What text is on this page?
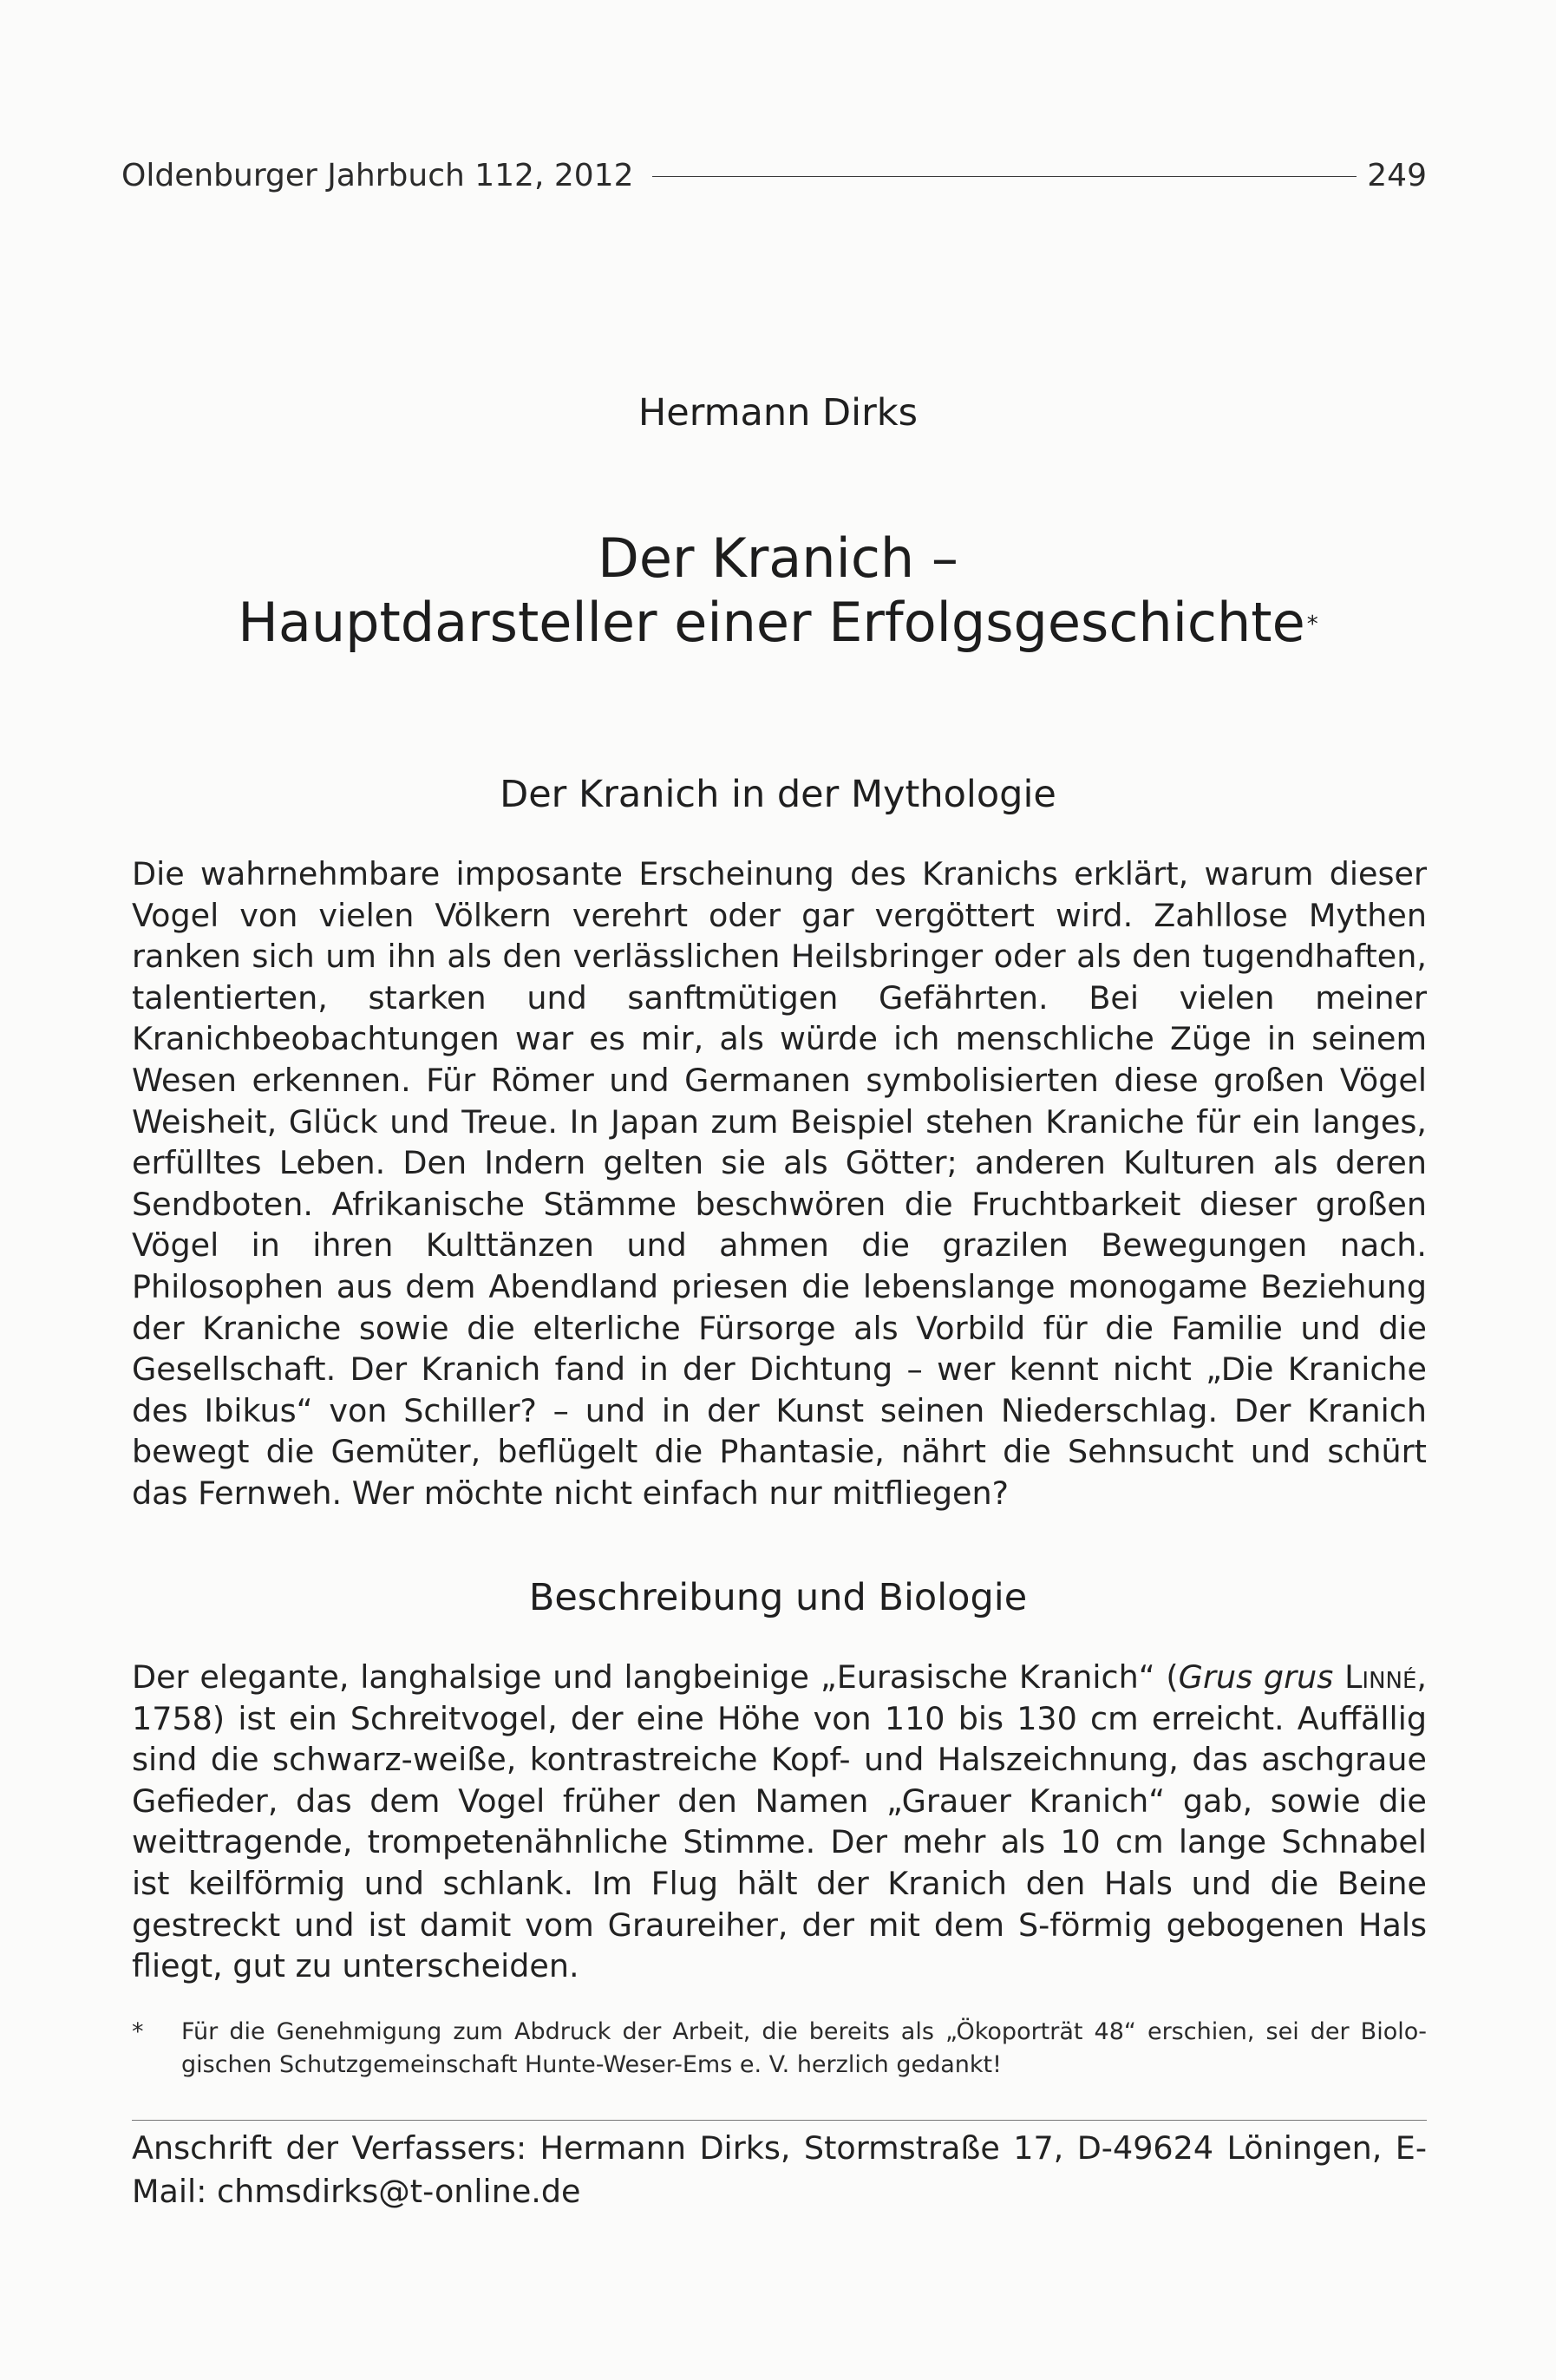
Oldenburger Jahrbuch 112, 2012	249
Hermann Dirks
Der Kranich –
Hauptdarsteller einer Erfolgsgeschichte*
Der Kranich in der Mythologie
Die wahrnehmbare imposante Erscheinung des Kranichs erklärt, warum dieser Vogel von vielen Völkern verehrt oder gar vergöttert wird. Zahllose Mythen ranken sich um ihn als den verlässlichen Heilsbringer oder als den tugendhaften, talentierten, starken und sanftmütigen Gefährten. Bei vielen meiner Kranichbeobachtungen war es mir, als würde ich menschliche Züge in seinem Wesen erkennen. Für Römer und Germanen symbolisierten diese großen Vögel Weisheit, Glück und Treue. In Japan zum Beispiel stehen Kraniche für ein langes, erfülltes Leben. Den Indern gelten sie als Götter; anderen Kulturen als deren Sendboten. Afrikanische Stämme beschwören die Fruchtbarkeit dieser großen Vögel in ihren Kulttänzen und ahmen die grazilen Bewegungen nach. Philosophen aus dem Abendland priesen die lebenslange monogame Beziehung der Kraniche sowie die elterliche Fürsorge als Vorbild für die Familie und die Gesellschaft. Der Kranich fand in der Dichtung – wer kennt nicht „Die Kraniche des Ibikus“ von Schiller? – und in der Kunst seinen Niederschlag. Der Kranich bewegt die Gemüter, beflügelt die Phantasie, nährt die Sehnsucht und schürt das Fernweh. Wer möchte nicht einfach nur mitfliegen?
Beschreibung und Biologie
Der elegante, langhalsige und langbeinige „Eurasische Kranich“ (Grus grus Linné, 1758) ist ein Schreitvogel, der eine Höhe von 110 bis 130 cm erreicht. Auffällig sind die schwarz-weiße, kontrastreiche Kopf- und Halszeichnung, das aschgraue Gefieder, das dem Vogel früher den Namen „Grauer Kranich“ gab, sowie die weittragende, trompetenähnliche Stimme. Der mehr als 10 cm lange Schnabel ist keilförmig und schlank. Im Flug hält der Kranich den Hals und die Beine gestreckt und ist damit vom Graureiher, der mit dem S-förmig gebogenen Hals fliegt, gut zu unterscheiden.
* Für die Genehmigung zum Abdruck der Arbeit, die bereits als „Ökoporträt 48“ erschien, sei der Biologischen Schutzgemeinschaft Hunte-Weser-Ems e. V. herzlich gedankt!
Anschrift der Verfassers: Hermann Dirks, Stormstraße 17, D-49624 Löningen, E-Mail: chmsdirks@t-online.de
